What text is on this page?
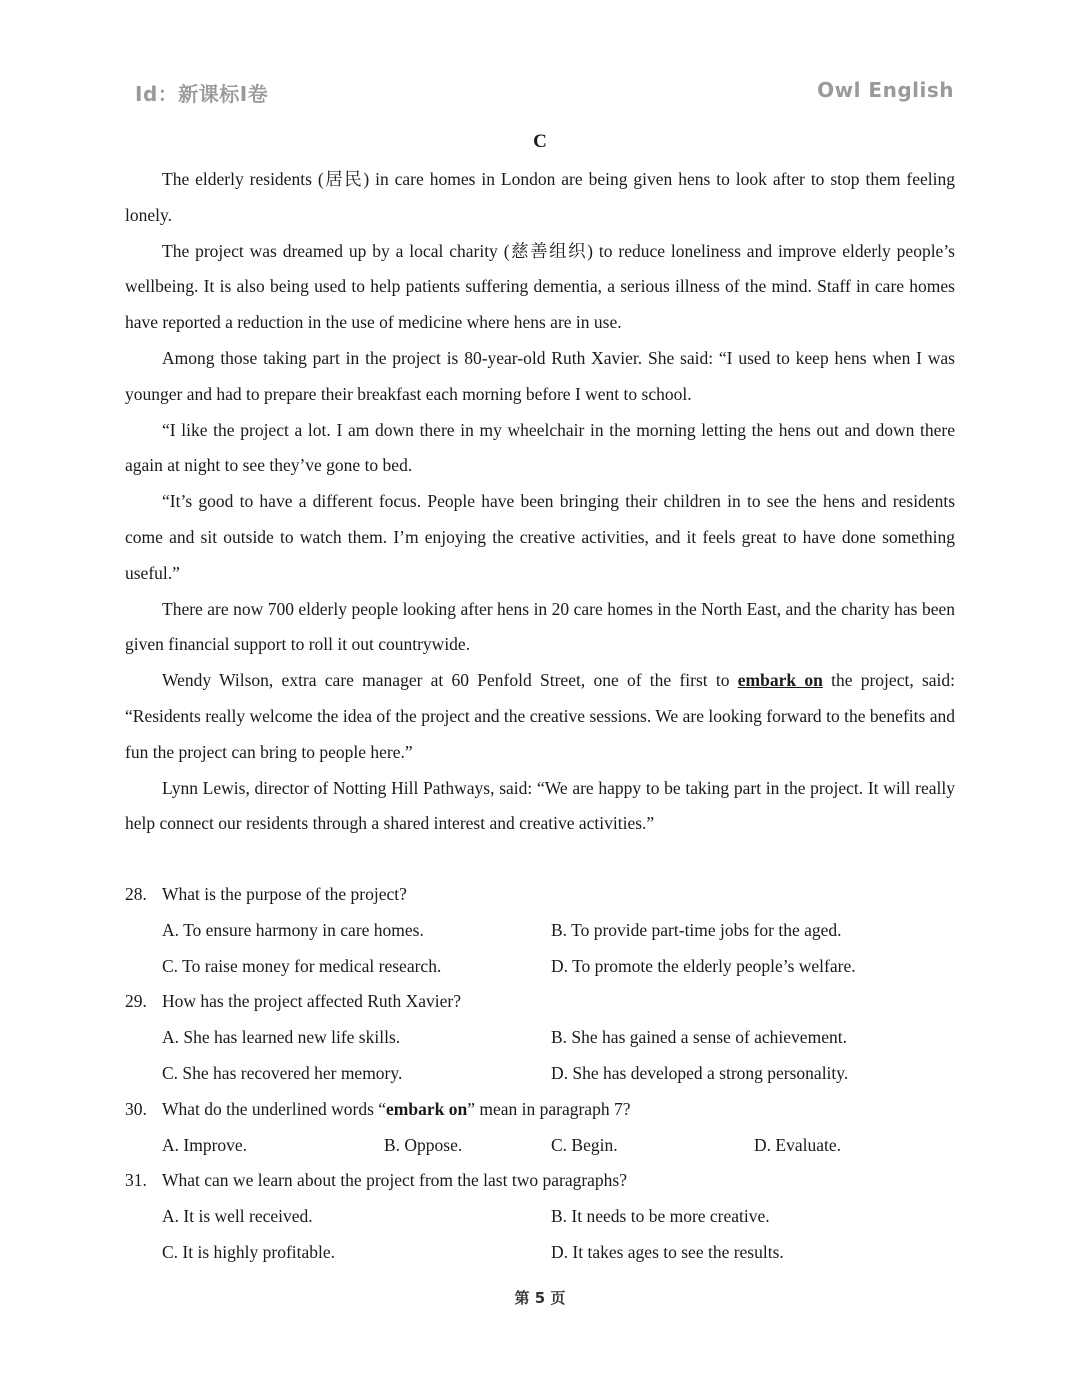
Id：新课标I卷	Owl English
C

The elderly residents (居民) in care homes in London are being given hens to look after to stop them feeling lonely.

The project was dreamed up by a local charity (慈善组织) to reduce loneliness and improve elderly people’s wellbeing. It is also being used to help patients suffering dementia, a serious illness of the mind. Staff in care homes have reported a reduction in the use of medicine where hens are in use.

Among those taking part in the project is 80-year-old Ruth Xavier. She said: “I used to keep hens when I was younger and had to prepare their breakfast each morning before I went to school.

“I like the project a lot. I am down there in my wheelchair in the morning letting the hens out and down there again at night to see they’ve gone to bed.

“It’s good to have a different focus. People have been bringing their children in to see the hens and residents come and sit outside to watch them. I’m enjoying the creative activities, and it feels great to have done something useful.”

There are now 700 elderly people looking after hens in 20 care homes in the North East, and the charity has been given financial support to roll it out countrywide.

Wendy Wilson, extra care manager at 60 Penfold Street, one of the first to embark on the project, said: “Residents really welcome the idea of the project and the creative sessions. We are looking forward to the benefits and fun the project can bring to people here.”

Lynn Lewis, director of Notting Hill Pathways, said: “We are happy to be taking part in the project. It will really help connect our residents through a shared interest and creative activities.”

28. What is the purpose of the project?
A. To ensure harmony in care homes.	B. To provide part-time jobs for the aged.
C. To raise money for medical research.	D. To promote the elderly people’s welfare.
29. How has the project affected Ruth Xavier?
A. She has learned new life skills.	B. She has gained a sense of achievement.
C. She has recovered her memory.	D. She has developed a strong personality.
30. What do the underlined words “embark on” mean in paragraph 7?
A. Improve.	B. Oppose.	C. Begin.	D. Evaluate.
31. What can we learn about the project from the last two paragraphs?
A. It is well received.	B. It needs to be more creative.
C. It is highly profitable.	D. It takes ages to see the results.
第 5 页
